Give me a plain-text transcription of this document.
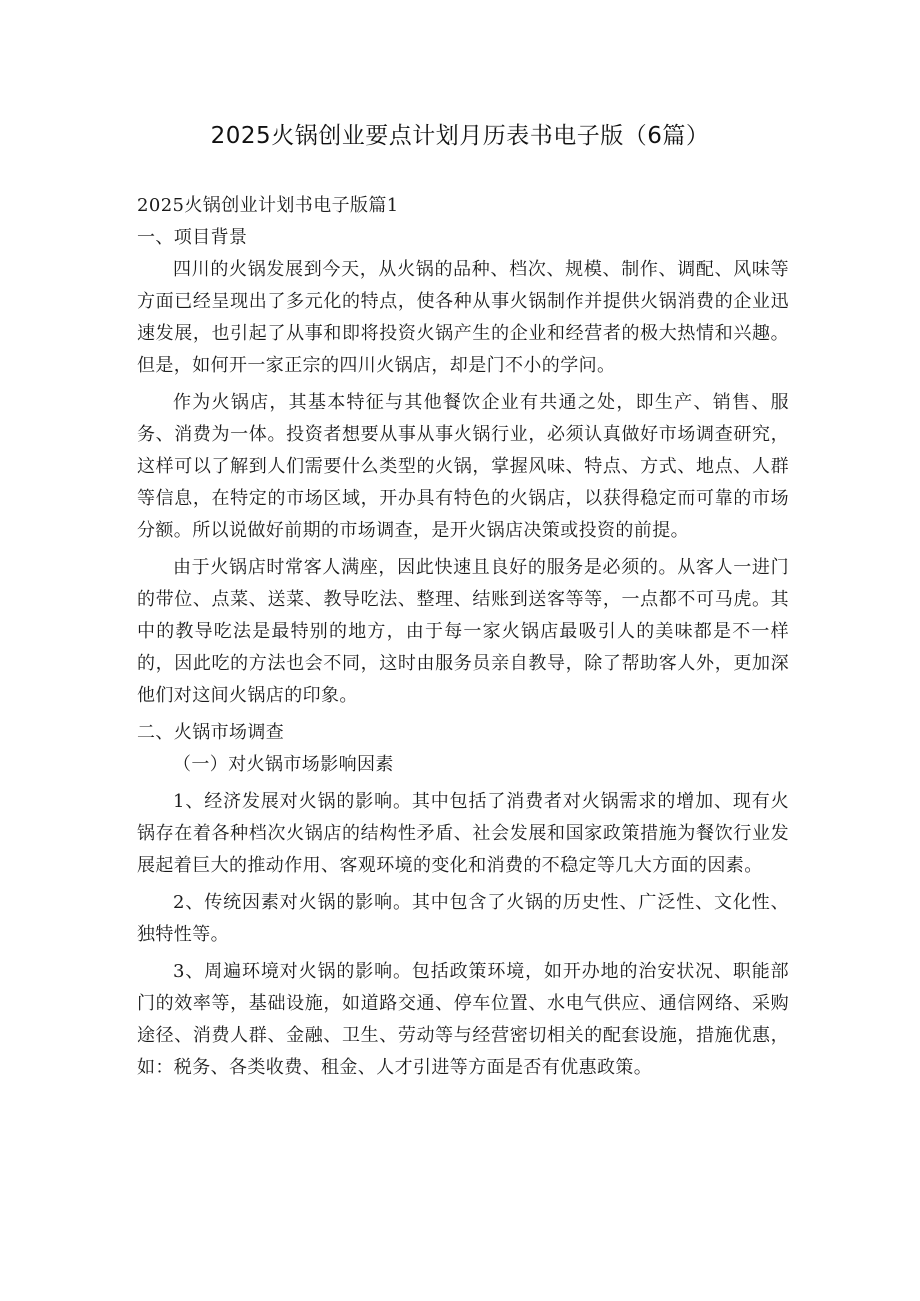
2025火锅创业要点计划月历表书电子版（6篇）

2025火锅创业计划书电子版篇1

一、项目背景

四川的火锅发展到今天，从火锅的品种、档次、规模、制作、调配、风味等方面已经呈现出了多元化的特点，使各种从事火锅制作并提供火锅消费的企业迅速发展，也引起了从事和即将投资火锅产生的企业和经营者的极大热情和兴趣。但是，如何开一家正宗的四川火锅店，却是门不小的学问。

作为火锅店，其基本特征与其他餐饮企业有共通之处，即生产、销售、服务、消费为一体。投资者想要从事从事火锅行业，必须认真做好市场调查研究，这样可以了解到人们需要什么类型的火锅，掌握风味、特点、方式、地点、人群等信息，在特定的市场区域，开办具有特色的火锅店，以获得稳定而可靠的市场分额。所以说做好前期的市场调查，是开火锅店决策或投资的前提。

由于火锅店时常客人满座，因此快速且良好的服务是必须的。从客人一进门的带位、点菜、送菜、教导吃法、整理、结账到送客等等，一点都不可马虎。其中的教导吃法是最特别的地方，由于每一家火锅店最吸引人的美味都是不一样的，因此吃的方法也会不同，这时由服务员亲自教导，除了帮助客人外，更加深他们对这间火锅店的印象。

二、火锅市场调查

（一）对火锅市场影响因素

1、经济发展对火锅的影响。其中包括了消费者对火锅需求的增加、现有火锅存在着各种档次火锅店的结构性矛盾、社会发展和国家政策措施为餐饮行业发展起着巨大的推动作用、客观环境的变化和消费的不稳定等几大方面的因素。

2、传统因素对火锅的影响。其中包含了火锅的历史性、广泛性、文化性、独特性等。

3、周遍环境对火锅的影响。包括政策环境，如开办地的治安状况、职能部门的效率等，基础设施，如道路交通、停车位置、水电气供应、通信网络、采购途径、消费人群、金融、卫生、劳动等与经营密切相关的配套设施，措施优惠，如：税务、各类收费、租金、人才引进等方面是否有优惠政策。
